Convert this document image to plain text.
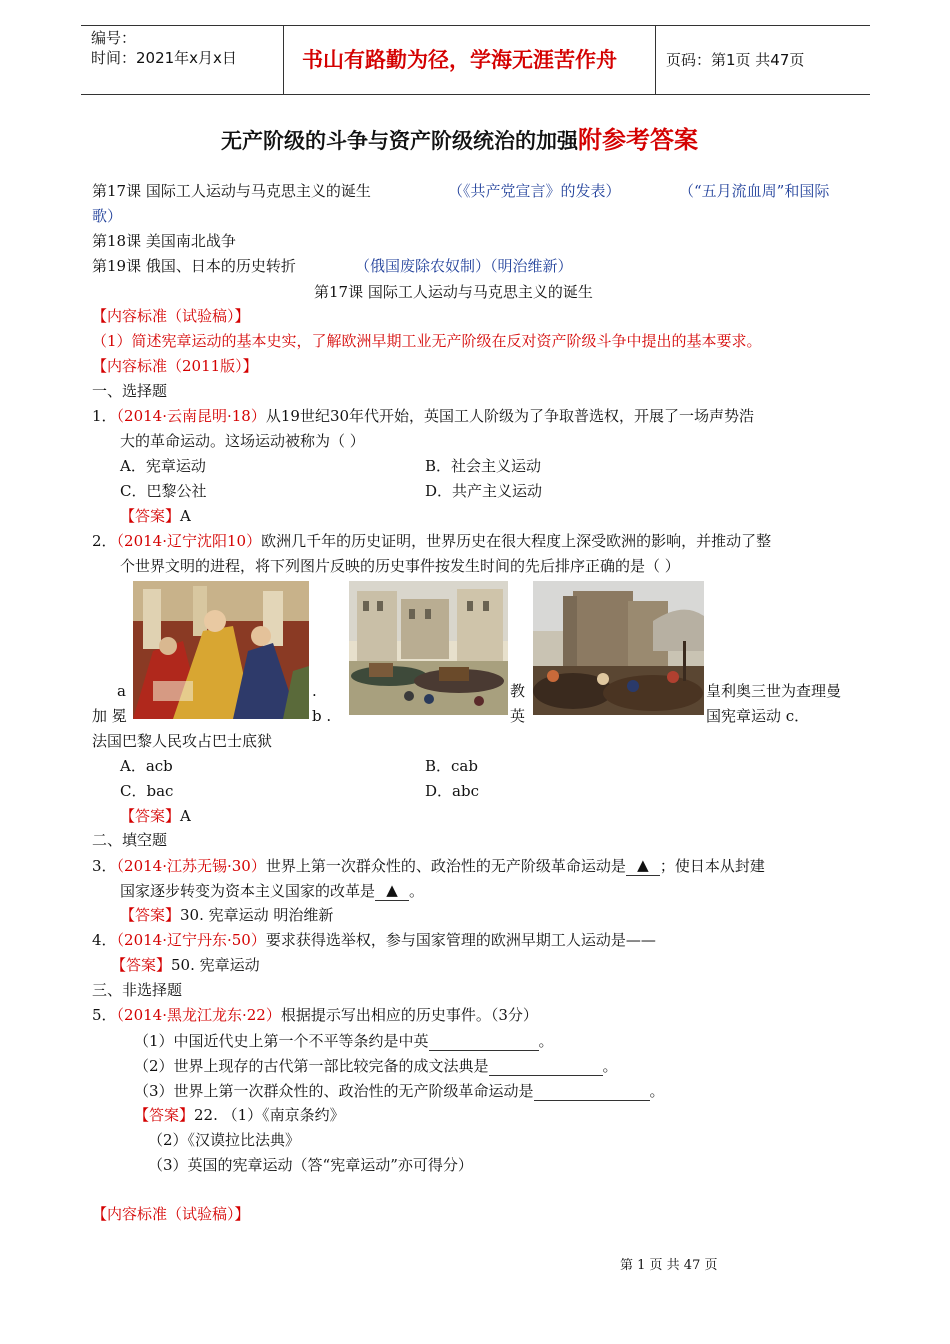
编号：
时间：2021年x月x日	书山有路勤为径，学海无涯苦作舟	页码：第1页 共47页
无产阶级的斗争与资产阶级统治的加强附参考答案
第17课 国际工人运动与马克思主义的诞生	（《共产党宣言》的发表）	（“五月流血周”和国际
歌）
第18课 美国南北战争
第19课 俄国、日本的历史转折	（俄国废除农奴制）（明治维新）
第17课 国际工人运动与马克思主义的诞生
【内容标准（试验稿）】
（1）简述宪章运动的基本史实，了解欧洲早期工业无产阶级在反对资产阶级斗争中提出的基本要求。
【内容标准（2011版）】
一、选择题
1．（2014·云南昆明·18）从19世纪30年代开始，英国工人阶级为了争取普选权，开展了一场声势浩
大的革命运动。这场运动被称为（ ）
A．宪章运动	B．社会主义运动
C．巴黎公社	D．共产主义运动
【答案】A
2．（2014·辽宁沈阳10）欧洲几千年的历史证明，世界历史在很大程度上深受欧洲的影响，并推动了整
个世界文明的进程，将下列图片反映的历史事件按发生时间的先后排序正确的是（ ）
a	.	教	皇利奥三世为查理曼
加 冕	b .	英	国宪章运动 c．
法国巴黎人民攻占巴士底狱
A．acb	B．cab
C．bac	D．abc
【答案】A
二、填空题
3．（2014·江苏无锡·30）世界上第一次群众性的、政治性的无产阶级革命运动是 ▲ ；使日本从封建
国家逐步转变为资本主义国家的改革是 ▲ 。
【答案】30. 宪章运动 明治维新
4．（2014·辽宁丹东·50）要求获得选举权，参与国家管理的欧洲早期工人运动是——
【答案】50. 宪章运动
三、非选择题
5．（2014·黑龙江龙东·22）根据提示写出相应的历史事件。（3分）
（1）中国近代史上第一个不平等条约是中英	。
（2）世界上现存的古代第一部比较完备的成文法典是	。
（3）世界上第一次群众性的、政治性的无产阶级革命运动是	。
【答案】22. （1）《南京条约》
（2）《汉谟拉比法典》
（3）英国的宪章运动（答“宪章运动”亦可得分）
【内容标准（试验稿）】
第 1 页 共 47 页
